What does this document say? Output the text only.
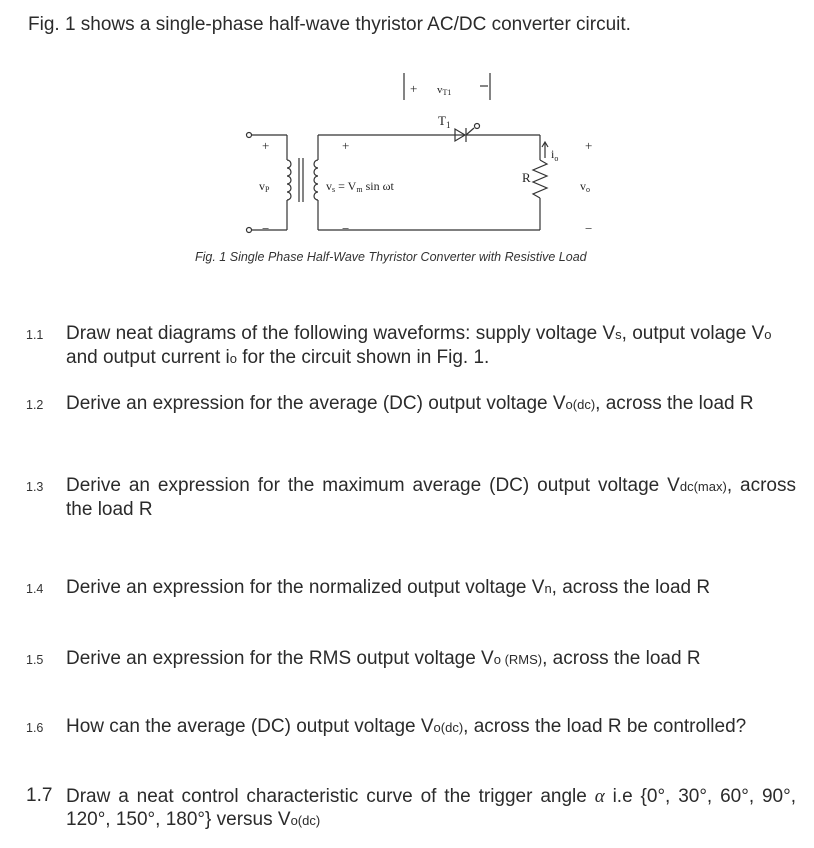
Fig. 1 shows a single-phase half-wave thyristor AC/DC converter circuit.
+ vT1
$T_1$
+	+	+
vP	vs = Vm sin ωt
$i_o$
R
vo
−	−	−
Fig. 1 Single Phase Half-Wave Thyristor Converter with Resistive Load
1.1 Draw neat diagrams of the following waveforms: supply voltage Vs, output volage Vo and output current io for the circuit shown in Fig. 1.
1.2 Derive an expression for the average (DC) output voltage Vo(dc), across the load R
1.3 Derive an expression for the maximum average (DC) output voltage Vdc(max), across the load R
1.4 Derive an expression for the normalized output voltage Vn, across the load R
1.5 Derive an expression for the RMS output voltage Vo (RMS), across the load R
1.6 How can the average (DC) output voltage Vo(dc), across the load R be controlled?
1.7 Draw a neat control characteristic curve of the trigger angle α i.e {0°, 30°, 60°, 90°, 120°, 150°, 180°} versus Vo(dc)
